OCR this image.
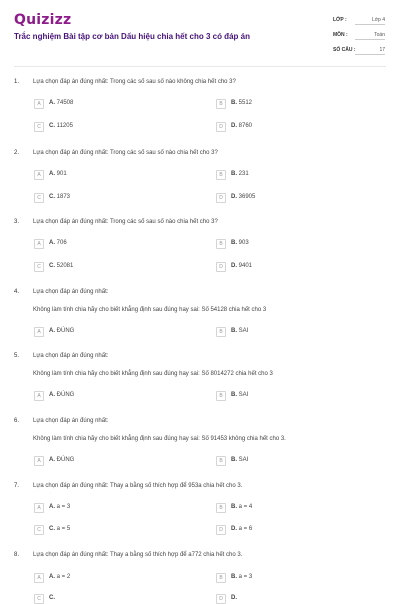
Quizizz
Trắc nghiệm Bài tập cơ bản Dấu hiệu chia hết cho 3 có đáp án
LỚP :	Lớp 4
MÔN :	Toán
SỐ CÂU :	17
1. Lựa chọn đáp án đúng nhất: Trong các số sau số nào không chia hết cho 3?
A	A. 74508	B	B. 5512
C	C. 11205	D	D. 8760
2. Lựa chọn đáp án đúng nhất: Trong các số sau số nào chia hết cho 3?
A	A. 901	B	B. 231
C	C. 1873	D	D. 36905
3. Lựa chọn đáp án đúng nhất: Trong các số sau số nào chia hết cho 3?
A	A. 706	B	B. 903
C	C. 52081	D	D. 9401
4. Lựa chọn đáp án đúng nhất:
Không làm tính chia hãy cho biết khẳng định sau đúng hay sai: Số 54128 chia hết cho 3
A	A. ĐÚNG	B	B. SAI
5. Lựa chọn đáp án đúng nhất:
Không làm tính chia hãy cho biết khẳng định sau đúng hay sai: Số 8014272 chia hết cho 3
A	A. ĐÚNG	B	B. SAI
6. Lựa chọn đáp án đúng nhất:
Không làm tính chia hãy cho biết khẳng định sau đúng hay sai: Số 91453 không chia hết cho 3.
A	A. ĐÚNG	B	B. SAI
7. Lựa chọn đáp án đúng nhất: Thay a bằng số thích hợp để 953a chia hết cho 3.
A	A. a = 3	B	B. a = 4
C	C. a = 5	D	D. a = 6
8. Lựa chọn đáp án đúng nhất: Thay a bằng số thích hợp để a772 chia hết cho 3.
A	A. a = 2	B	B. a = 3
C	C.	D	D.
